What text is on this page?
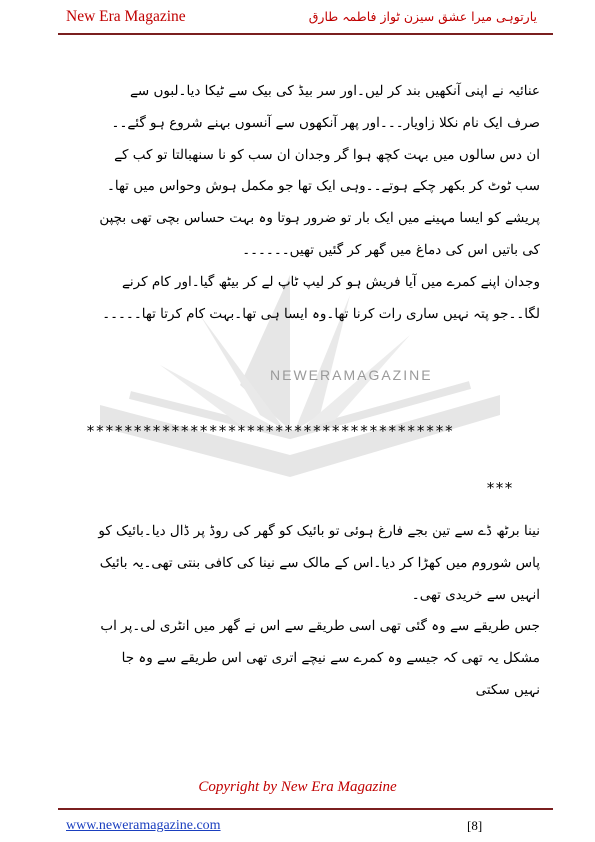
New Era Magazine	یارتوہی میرا عشق سیزن ٹواز فاطمہ طارق
NEWERAMAGAZINE

عنائیہ نے اپنی آنکھیں بند کر لیں۔اور سر بیڈ کی بیک سے ٹیکا دیا۔لبوں سے صرف ایک نام نکلا زاویار۔۔۔اور پھر آنکھوں سے آنسوں بہنے شروع ہو گئے۔۔

ان دس سالوں میں بہت کچھ ہوا گر وجدان ان سب کو نا سنھبالتا تو کب کے سب ٹوٹ کر بکھر چکے ہوتے۔۔وہی ایک تھا جو مکمل ہوش وحواس میں تھا۔پریشے کو ایسا مہینے میں ایک بار تو ضرور ہوتا وہ بہت حساس بچی تھی بچپن کی باتیں اس کی دماغ میں گھر کر گئیں تھیں۔۔۔۔۔۔

وجدان اپنے کمرے میں آیا فریش ہو کر لیپ ٹاپ لے کر بیٹھ گیا۔اور کام کرنے لگا۔۔جو پتہ نہیں ساری رات کرنا تھا۔وہ ایسا ہی تھا۔بہت کام کرتا تھا۔۔۔۔۔

***************************************
***

نینا برٹھ ڈے سے تین بجے فارغ ہوئی تو بائیک کو گھر کی روڈ پر ڈال دیا۔بائیک کو پاس شوروم میں کھڑا کر دیا۔اس کے مالک سے نینا کی کافی بنتی تھی۔یہ بائیک انہیں سے خریدی تھی۔

جس طریقے سے وہ گئی تھی اسی طریقے سے اس نے گھر میں انٹری لی۔پر اب مشکل یہ تھی کہ جیسے وہ کمرے سے نیچے اتری تھی اس طریقے سے وہ جا نہیں سکتی

Copyright by New Era Magazine
www.neweramagazine.com	[8]
